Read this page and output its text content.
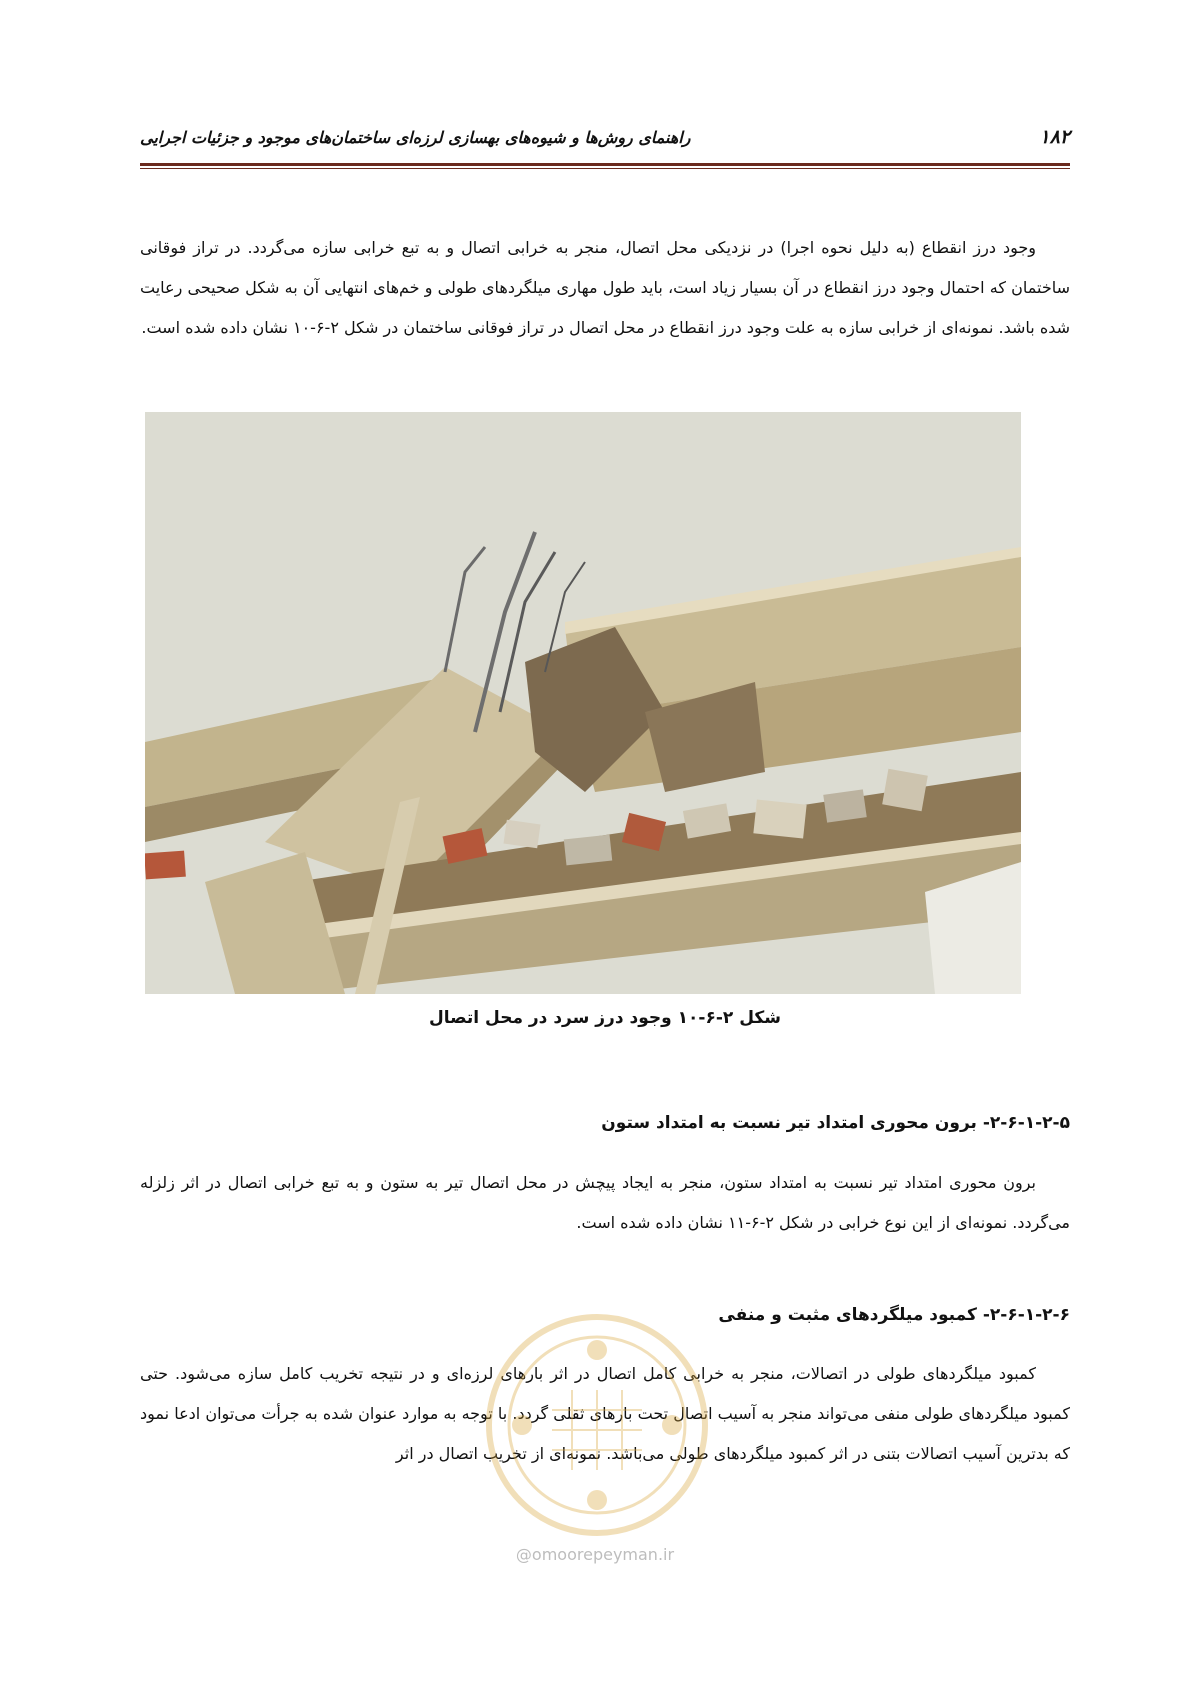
۱۸۲
راهنمای روش‌ها و شیوه‌های بهسازی لرزه‌ای ساختمان‌های موجود و جزئیات اجرایی

وجود درز انقطاع (به دلیل نحوه اجرا) در نزدیکی محل اتصال، منجر به خرابی اتصال و به تبع خرابی سازه می‌گردد. در تراز فوقانی ساختمان که احتمال وجود درز انقطاع در آن بسیار زیاد است، باید طول مهاری میلگردهای طولی و خم‌های انتهایی آن به شکل صحیحی رعایت شده باشد. نمونه‌ای از خرابی سازه به علت وجود درز انقطاع در محل اتصال در تراز فوقانی ساختمان در شکل ۲-۶-۱۰ نشان داده شده است.

شکل ۲-۶-۱۰ وجود درز سرد در محل اتصال
۲-۶-۱-۲-۵- برون محوری امتداد تیر نسبت به امتداد ستون

برون محوری امتداد تیر نسبت به امتداد ستون، منجر به ایجاد پیچش در محل اتصال تیر به ستون و به تبع خرابی اتصال در اثر زلزله می‌گردد. نمونه‌ای از این نوع خرابی در شکل ۲-۶-۱۱ نشان داده شده است.

۲-۶-۱-۲-۶- کمبود میلگردهای مثبت و منفی

کمبود میلگردهای طولی در اتصالات، منجر به خرابی کامل اتصال در اثر بارهای لرزه‌ای و در نتیجه تخریب کامل سازه می‌شود. حتی کمبود میلگردهای طولی منفی می‌تواند منجر به آسیب اتصال تحت بارهای ثقلی گردد. با توجه به موارد عنوان شده به جرأت می‌توان ادعا نمود که بدترین آسیب اتصالات بتنی در اثر کمبود میلگردهای طولی می‌باشد. نمونه‌ای از تخریب اتصال در اثر

@omoorepeyman.ir
